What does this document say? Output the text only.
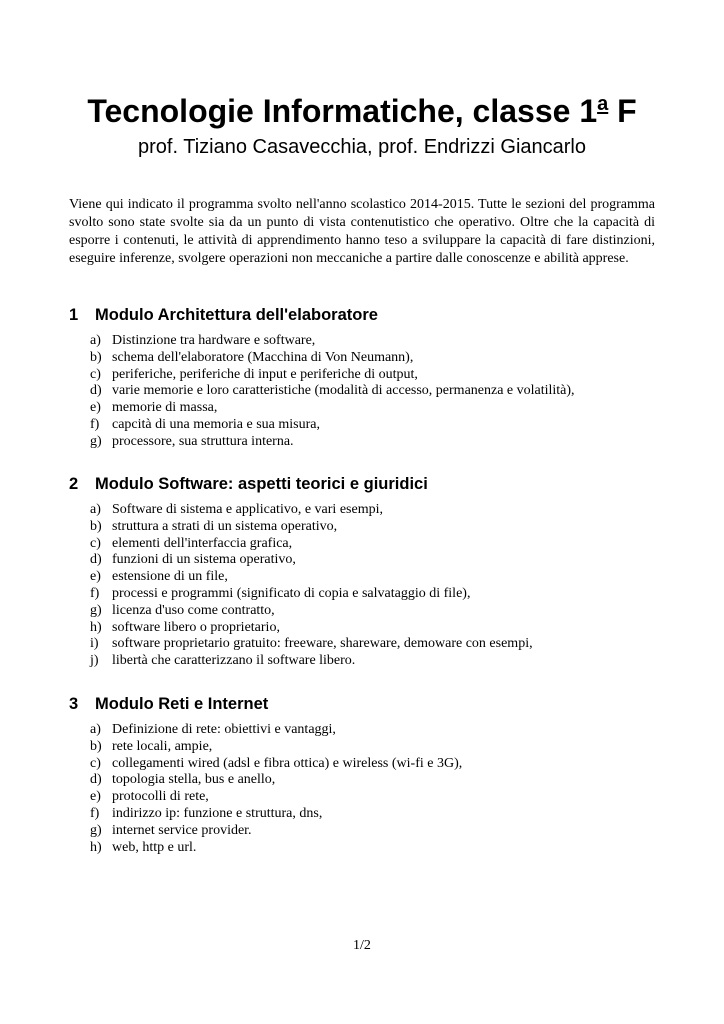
Tecnologie Informatiche, classe 1$^a$ F

prof. Tiziano Casavecchia, prof. Endrizzi Giancarlo

Viene qui indicato il programma svolto nell'anno scolastico 2014-2015. Tutte le sezioni del programma svolto sono state svolte sia da un punto di vista contenutistico che operativo. Oltre che la capacità di esporre i contenuti, le attività di apprendimento hanno teso a sviluppare la capacità di fare distinzioni, eseguire inferenze, svolgere operazioni non meccaniche a partire dalle conoscenze e abilità apprese.

1 Modulo Architettura dell'elaboratore
a) Distinzione tra hardware e software,
b) schema dell'elaboratore (Macchina di Von Neumann),
c) periferiche, periferiche di input e periferiche di output,
d) varie memorie e loro caratteristiche (modalità di accesso, permanenza e volatilità),
e) memorie di massa,
f) capcità di una memoria e sua misura,
g) processore, sua struttura interna.
2 Modulo Software: aspetti teorici e giuridici
a) Software di sistema e applicativo, e vari esempi,
b) struttura a strati di un sistema operativo,
c) elementi dell'interfaccia grafica,
d) funzioni di un sistema operativo,
e) estensione di un file,
f) processi e programmi (significato di copia e salvataggio di file),
g) licenza d'uso come contratto,
h) software libero o proprietario,
i) software proprietario gratuito: freeware, shareware, demoware con esempi,
j) libertà che caratterizzano il software libero.
3 Modulo Reti e Internet
a) Definizione di rete: obiettivi e vantaggi,
b) rete locali, ampie,
c) collegamenti wired (adsl e fibra ottica) e wireless (wi-fi e 3G),
d) topologia stella, bus e anello,
e) protocolli di rete,
f) indirizzo ip: funzione e struttura, dns,
g) internet service provider.
h) web, http e url.
1/2
